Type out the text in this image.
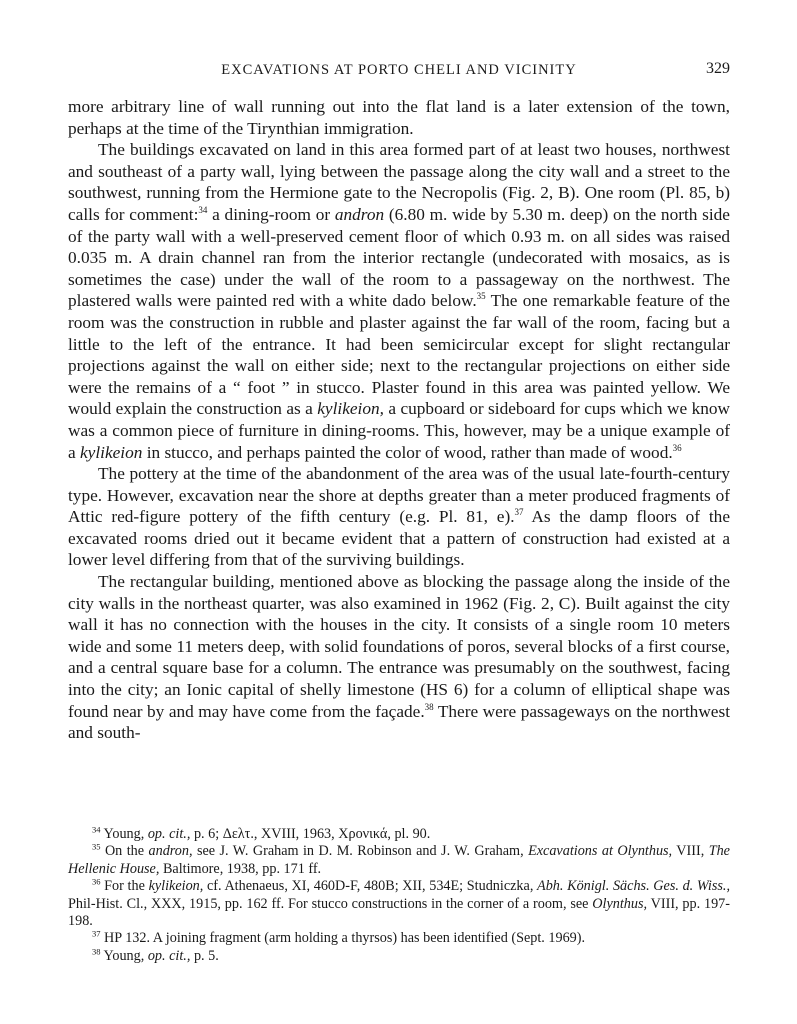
EXCAVATIONS AT PORTO CHELI AND VICINITY	329

more arbitrary line of wall running out into the flat land is a later extension of the town, perhaps at the time of the Tirynthian immigration.

The buildings excavated on land in this area formed part of at least two houses, northwest and southeast of a party wall, lying between the passage along the city wall and a street to the southwest, running from the Hermione gate to the Necropolis (Fig. 2, B). One room (Pl. 85, b) calls for comment:$^{34}$ a dining-room or andron (6.80 m. wide by 5.30 m. deep) on the north side of the party wall with a well-preserved cement floor of which 0.93 m. on all sides was raised 0.035 m. A drain channel ran from the interior rectangle (undecorated with mosaics, as is sometimes the case) under the wall of the room to a passageway on the northwest. The plastered walls were painted red with a white dado below.$^{35}$ The one remarkable feature of the room was the construction in rubble and plaster against the far wall of the room, facing but a little to the left of the entrance. It had been semicircular except for slight rectangular projections against the wall on either side; next to the rectangular projections on either side were the remains of a “ foot ” in stucco. Plaster found in this area was painted yellow. We would explain the construction as a kylikeion, a cupboard or sideboard for cups which we know was a common piece of furniture in dining-rooms. This, however, may be a unique example of a kylikeion in stucco, and perhaps painted the color of wood, rather than made of wood.$^{36}$

The pottery at the time of the abandonment of the area was of the usual late-fourth-century type. However, excavation near the shore at depths greater than a meter produced fragments of Attic red-figure pottery of the fifth century (e.g. Pl. 81, e).$^{37}$ As the damp floors of the excavated rooms dried out it became evident that a pattern of construction had existed at a lower level differing from that of the surviving buildings.

The rectangular building, mentioned above as blocking the passage along the inside of the city walls in the northeast quarter, was also examined in 1962 (Fig. 2, C). Built against the city wall it has no connection with the houses in the city. It consists of a single room 10 meters wide and some 11 meters deep, with solid foundations of poros, several blocks of a first course, and a central square base for a column. The entrance was presumably on the southwest, facing into the city; an Ionic capital of shelly limestone (HS 6) for a column of elliptical shape was found near by and may have come from the façade.$^{38}$ There were passageways on the northwest and south-

$^{34}$ Young, op. cit., p. 6; Δελτ., XVIII, 1963, Χρονικά, pl. 90.

$^{35}$ On the andron, see J. W. Graham in D. M. Robinson and J. W. Graham, Excavations at Olynthus, VIII, The Hellenic House, Baltimore, 1938, pp. 171 ff.

$^{36}$ For the kylikeion, cf. Athenaeus, XI, 460D-F, 480B; XII, 534E; Studniczka, Abh. Königl. Sächs. Ges. d. Wiss., Phil-Hist. Cl., XXX, 1915, pp. 162 ff. For stucco constructions in the corner of a room, see Olynthus, VIII, pp. 197-198.

$^{37}$ HP 132. A joining fragment (arm holding a thyrsos) has been identified (Sept. 1969).

$^{38}$ Young, op. cit., p. 5.
